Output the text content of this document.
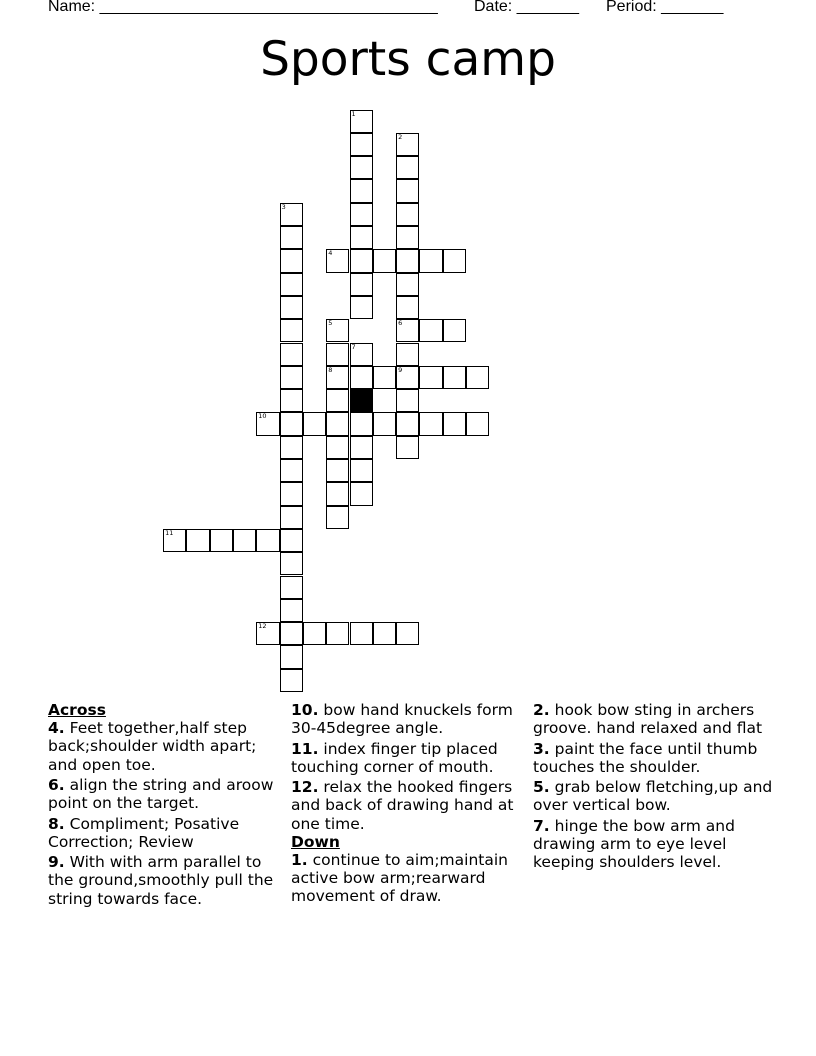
Name: ______________________________________ Date: _______ Period: _______
Sports camp
1
2
6
9
3
4
5
8
7
10
11
12
Across
4. Feet together,half step back;shoulder width apart; and open toe.
6. align the string and aroow point on the target.
8. Compliment; Posative Correction; Review
9. With with arm parallel to the ground,smoothly pull the string towards face.
10. bow hand knuckels form 30-45degree angle.
11. index finger tip placed touching corner of mouth.
12. relax the hooked fingers and back of drawing hand at one time.
Down
1. continue to aim;maintain active bow arm;rearward movement of draw.
2. hook bow sting in archers groove. hand relaxed and flat
3. paint the face until thumb touches the shoulder.
5. grab below fletching,up and over vertical bow.
7. hinge the bow arm and drawing arm to eye level keeping shoulders level.
